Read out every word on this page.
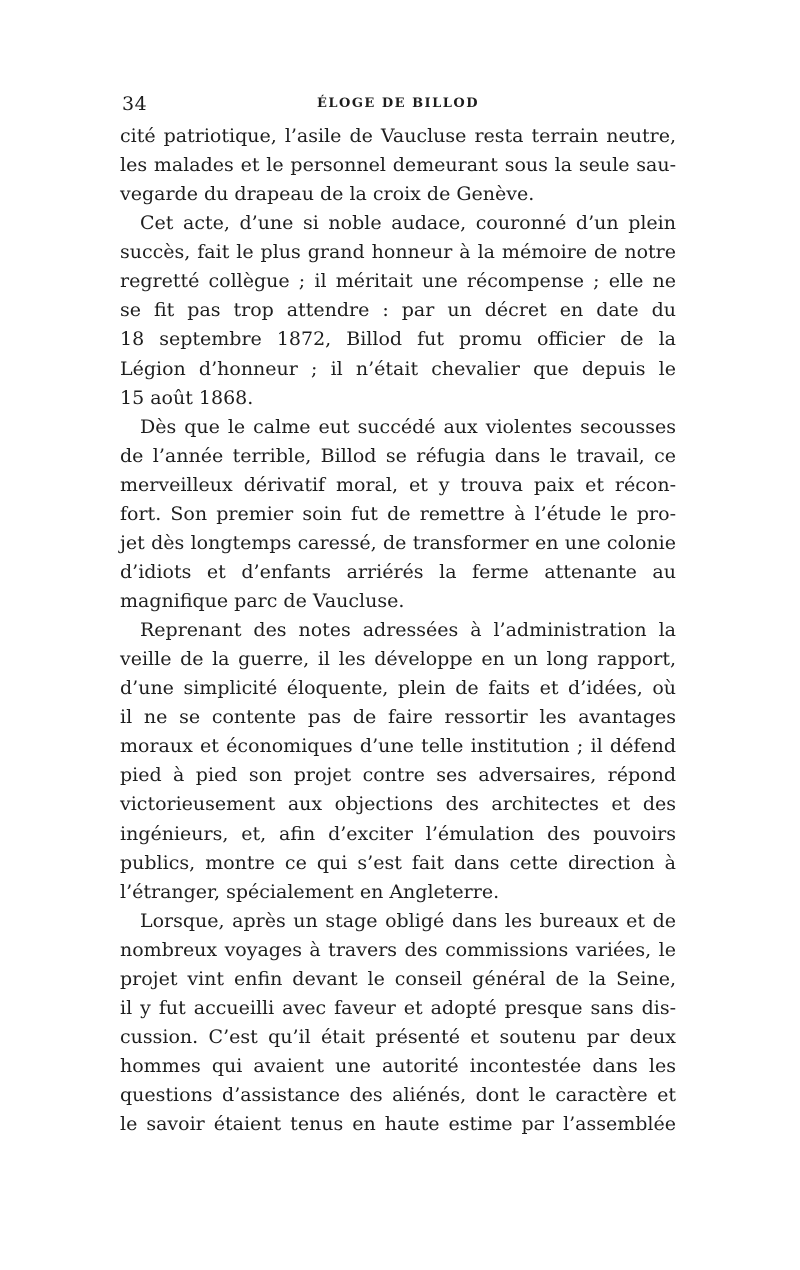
34	ÉLOGE DE BILLOD
cité patriotique, l’asile de Vaucluse resta terrain neutre,
les malades et le personnel demeurant sous la seule sau-
vegarde du drapeau de la croix de Genève.
Cet acte, d’une si noble audace, couronné d’un plein
succès, fait le plus grand honneur à la mémoire de notre
regretté collègue ; il méritait une récompense ; elle ne
se fit pas trop attendre : par un décret en date du
18 septembre 1872, Billod fut promu officier de la
Légion d’honneur ; il n’était chevalier que depuis le
15 août 1868.
Dès que le calme eut succédé aux violentes secousses
de l’année terrible, Billod se réfugia dans le travail, ce
merveilleux dérivatif moral, et y trouva paix et récon-
fort. Son premier soin fut de remettre à l’étude le pro-
jet dès longtemps caressé, de transformer en une colonie
d’idiots et d’enfants arriérés la ferme attenante au
magnifique parc de Vaucluse.
Reprenant des notes adressées à l’administration la
veille de la guerre, il les développe en un long rapport,
d’une simplicité éloquente, plein de faits et d’idées, où
il ne se contente pas de faire ressortir les avantages
moraux et économiques d’une telle institution ; il défend
pied à pied son projet contre ses adversaires, répond
victorieusement aux objections des architectes et des
ingénieurs, et, afin d’exciter l’émulation des pouvoirs
publics, montre ce qui s’est fait dans cette direction à
l’étranger, spécialement en Angleterre.
Lorsque, après un stage obligé dans les bureaux et de
nombreux voyages à travers des commissions variées, le
projet vint enfin devant le conseil général de la Seine,
il y fut accueilli avec faveur et adopté presque sans dis-
cussion. C’est qu’il était présenté et soutenu par deux
hommes qui avaient une autorité incontestée dans les
questions d’assistance des aliénés, dont le caractère et
le savoir étaient tenus en haute estime par l’assemblée
